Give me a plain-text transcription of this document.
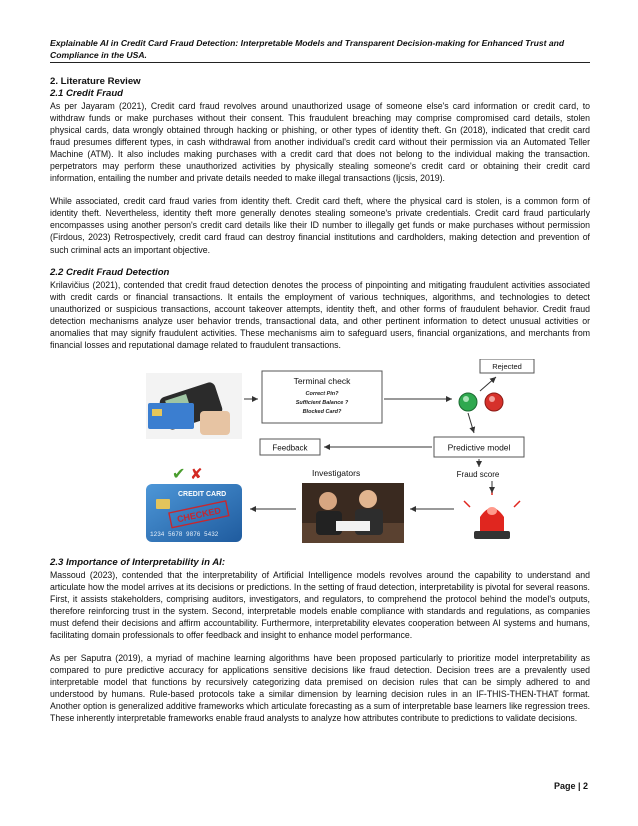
Explainable AI in Credit Card Fraud Detection: Interpretable Models and Transparent Decision-making for Enhanced Trust and Compliance in the USA.
2. Literature Review
2.1 Credit Fraud

As per Jayaram (2021), Credit card fraud revolves around unauthorized usage of someone else's card information or credit card, to withdraw funds or make purchases without their consent. This fraudulent breaching may comprise compromised card details, stolen physical cards, data wrongly obtained through hacking or phishing, or other types of identity theft. Gn (2018), indicated that credit card fraud presumes different types, in cash withdrawal from another individual's credit card without their permission via an Automated Teller Machine (ATM). It also includes making purchases with a credit card that does not belong to the individual making the transaction. perpetrators may perform these unauthorized activities by physically stealing someone's credit card or obtaining their credit card information, entailing the number and private details needed to make illegal transactions (Ijcsis, 2019).

While associated, credit card fraud varies from identity theft. Credit card theft, where the physical card is stolen, is a common form of identity theft. Nevertheless, identity theft more generally denotes stealing someone's private credentials. Credit card fraud particularly encompasses using another person's credit card details like their ID number to illegally get funds or make purchases without permission (Firdous, 2023) Retrospectively, credit card fraud can destroy financial institutions and cardholders, making detection and prevention of such criminal acts an important objective.

2.2 Credit Fraud Detection

Krilavičius (2021), contended that credit fraud detection denotes the process of pinpointing and mitigating fraudulent activities associated with credit cards or financial transactions. It entails the employment of various techniques, algorithms, and technologies to detect unauthorized or suspicious transactions, account takeover attempts, identity theft, and other forms of fraudulent behavior. Credit fraud detection mechanisms analyze user behavior trends, transactional data, and other pertinent information to detect unusual activities or anomalies that may signify fraudulent activities. These mechanisms aim to safeguard users, financial organizations, and merchants from financial losses and reputational damage related to fraudulent transactions.

Terminal check
Correct Pin?
Sufficient Balance ?
Blocked Card?
Rejected
Feedback	Predictive model
Fraud score
✔ ✘
CREDIT CARD
1234 5678 9876 5432
CHECKED
Investigators
2.3 Importance of Interpretability in AI:

Massoud (2023), contended that the interpretability of Artificial Intelligence models revolves around the capability to understand and articulate how the model arrives at its decisions or predictions. In the setting of fraud detection, interpretability is pivotal for several reasons. First, it assists stakeholders, comprising auditors, investigators, and regulators, to comprehend the protocol behind the model's outputs, therefore reinforcing trust in the system. Second, interpretable models enable compliance with standards and regulations, as companies must defend their decisions and affirm accountability. Furthermore, interpretability elevates cooperation between AI systems and humans, facilitating domain professionals to offer feedback and insight to enhance model performance.

As per Saputra (2019), a myriad of machine learning algorithms have been proposed particularly to prioritize model interpretability as compared to pure predictive accuracy for applications sensitive decisions like fraud detection. Decision trees are a prevalently used interpretable model that functions by recursively categorizing data premised on decision rules that can be simply adhered to and understood by humans. Rule-based protocols take a similar dimension by learning decision rules in an IF-THIS-THEN-THAT format. Another option is generalized additive frameworks which articulate forecasting as a sum of interpretable base learners like regression trees. These inherently interpretable frameworks enable fraud analysts to analyze how attributes contribute to predictions to validate decisions.

Page | 2
